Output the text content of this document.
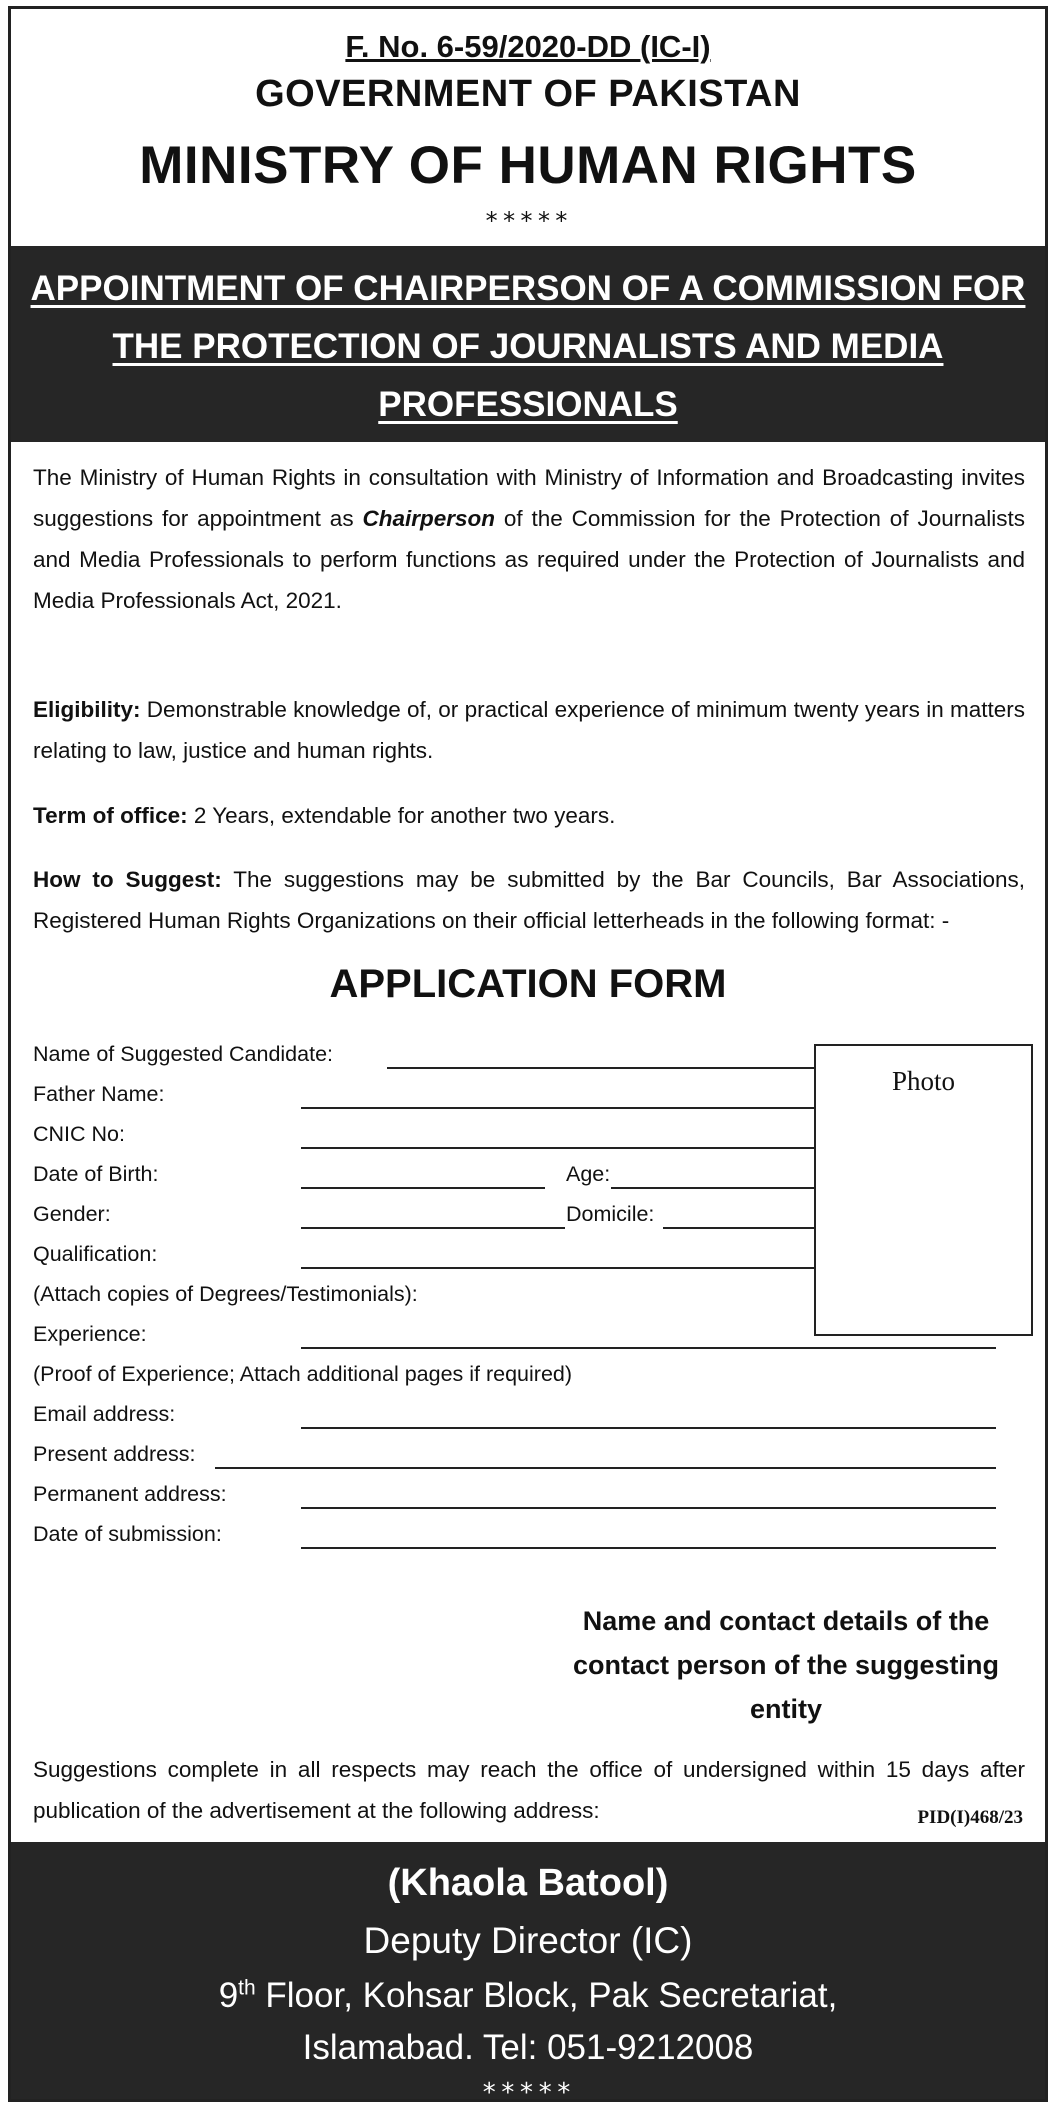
F. No. 6-59/2020-DD (IC-I)
GOVERNMENT OF PAKISTAN
MINISTRY OF HUMAN RIGHTS
*****
APPOINTMENT OF CHAIRPERSON OF A COMMISSION FOR THE PROTECTION OF JOURNALISTS AND MEDIA PROFESSIONALS
The Ministry of Human Rights in consultation with Ministry of Information and Broadcasting invites suggestions for appointment as Chairperson of the Commission for the Protection of Journalists and Media Professionals to perform functions as required under the Protection of Journalists and Media Professionals Act, 2021.
Eligibility: Demonstrable knowledge of, or practical experience of minimum twenty years in matters relating to law, justice and human rights.
Term of office: 2 Years, extendable for another two years.
How to Suggest: The suggestions may be submitted by the Bar Councils, Bar Associations, Registered Human Rights Organizations on their official letterheads in the following format: -
APPLICATION FORM
Name of Suggested Candidate:
Father Name:
CNIC No:
Date of Birth:	Age:
Gender:	Domicile:
Qualification:
(Attach copies of Degrees/Testimonials):
Experience:
(Proof of Experience; Attach additional pages if required)
Email address:
Present address:
Permanent address:
Date of submission:
Photo
Name and contact details of the contact person of the suggesting entity
Suggestions complete in all respects may reach the office of undersigned within 15 days after publication of the advertisement at the following address:	PID(I)468/23
(Khaola Batool)
Deputy Director (IC)
9th Floor, Kohsar Block, Pak Secretariat,
Islamabad. Tel: 051-9212008
*****
